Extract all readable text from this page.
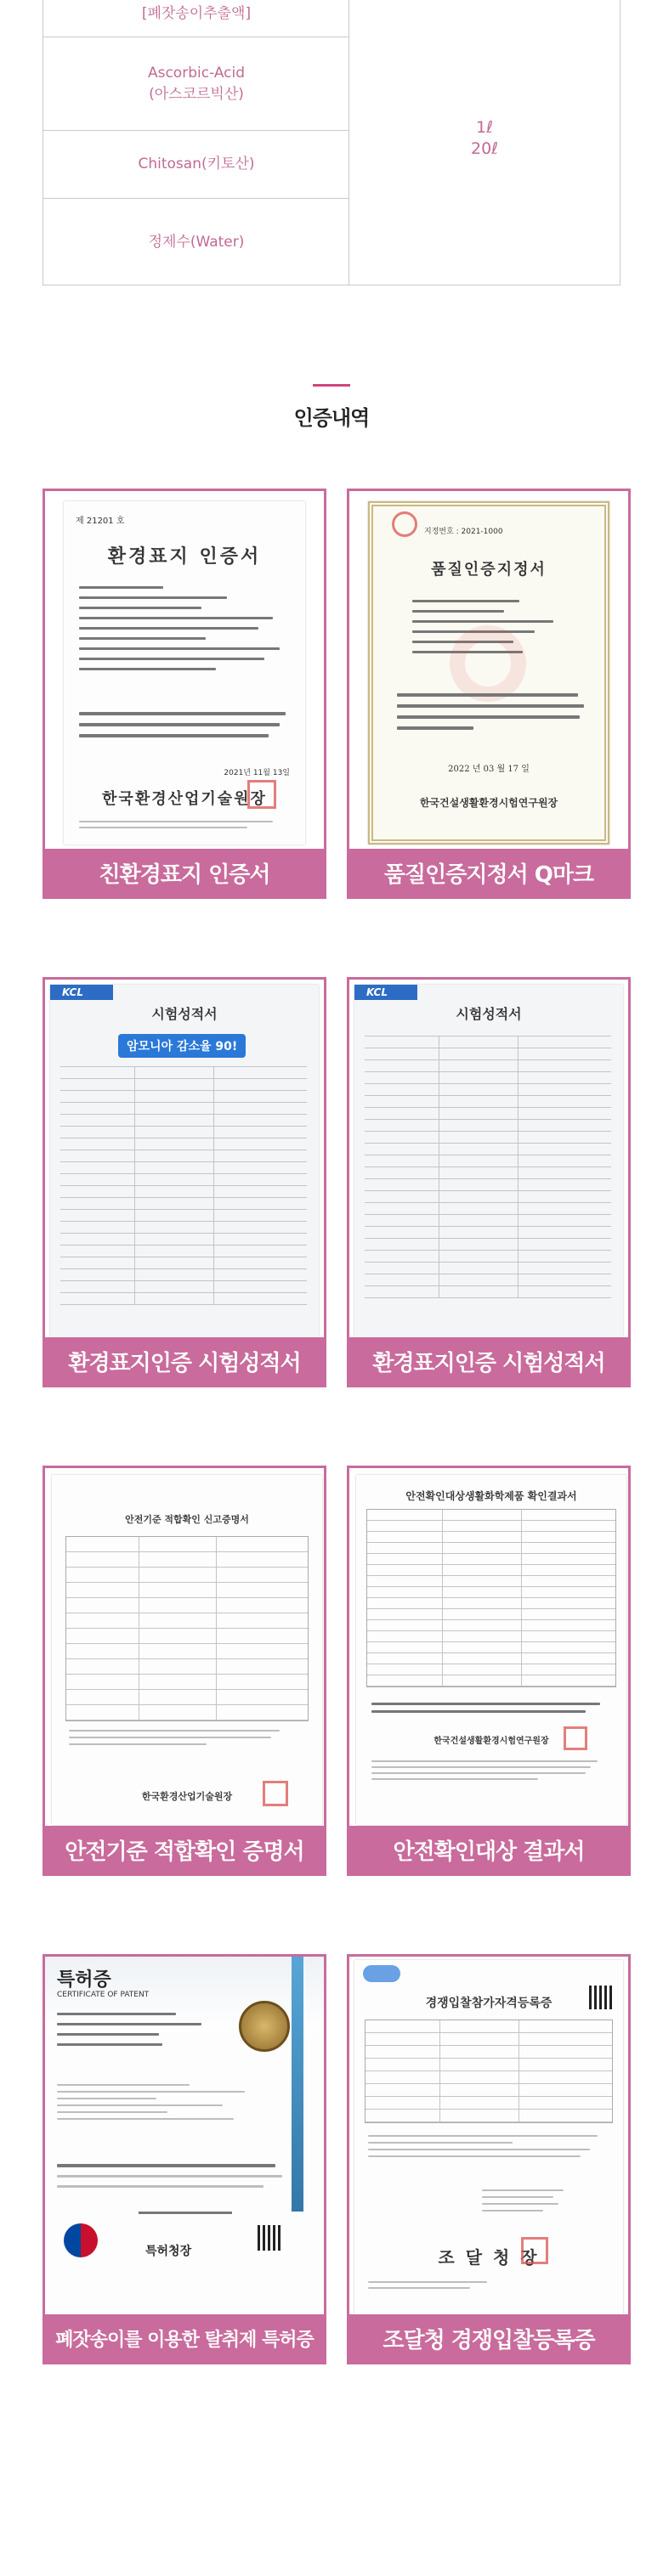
[폐잣송이추출액]
Ascorbic-Acid
(아스코르빅산)
Chitosan(키토산)
정제수(Water)
1ℓ
20ℓ
인증내역
제 21201 호
환경표지 인증서
2021년 11월 13일
한국환경산업기술원장
친환경표지 인증서
지정번호 : 2021-1000
품질인증지정서
2022 년 03 월 17 일
한국건설생활환경시험연구원장
품질인증지정서 Q마크
KCL
시험성적서
암모니아 감소율 90!
환경표지인증 시험성적서
KCL
시험성적서
환경표지인증 시험성적서
안전기준 적합확인 신고증명서
한국환경산업기술원장
안전기준 적합확인 증명서
안전확인대상생활화학제품 확인결과서
한국건설생활환경시험연구원장
안전확인대상 결과서
특허증
CERTIFICATE OF PATENT
특허청장
폐잣송이를 이용한 탈취제 특허증
경쟁입찰참가자격등록증
조 달 청 장
조달청 경쟁입찰등록증
